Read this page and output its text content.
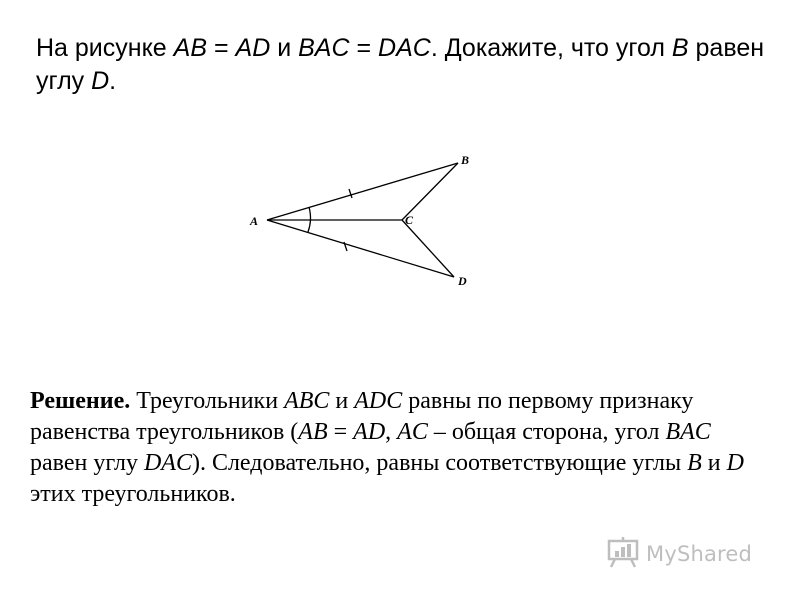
На рисунке AB = AD и BAC = DAC. Докажите, что угол B равен углу D.
A
B
C
D
Решение. Треугольники ABC и ADC равны по первому признаку равенства треугольников (AB = AD, AC – общая сторона, угол BAC равен углу DAC). Следовательно, равны соответствующие углы B и D этих треугольников.
MyShared
